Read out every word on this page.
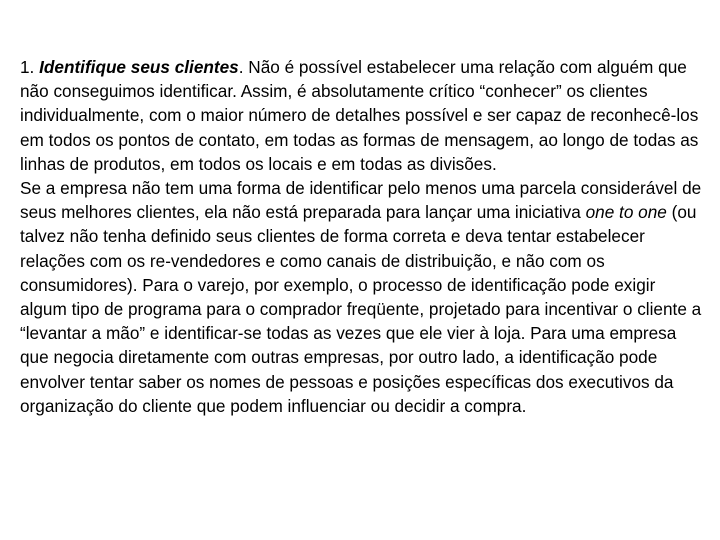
1. Identifique seus clientes. Não é possível estabelecer uma relação com alguém que não conseguimos identificar. Assim, é absolutamente crítico “conhecer” os clientes individualmente, com o maior número de detalhes possível e ser capaz de reconhecê-los em todos os pontos de contato, em todas as formas de mensagem, ao longo de todas as linhas de produtos, em todos os locais e em todas as divisões.

Se a empresa não tem uma forma de identificar pelo menos uma parcela considerável de seus melhores clientes, ela não está preparada para lançar uma iniciativa one to one (ou talvez não tenha definido seus clientes de forma correta e deva tentar estabelecer relações com os re-vendedores e como canais de distribuição, e não com os consumidores). Para o varejo, por exemplo, o processo de identificação pode exigir algum tipo de programa para o comprador freqüente, projetado para incentivar o cliente a “levantar a mão” e identificar-se todas as vezes que ele vier à loja. Para uma empresa que negocia diretamente com outras empresas, por outro lado, a identificação pode envolver tentar saber os nomes de pessoas e posições específicas dos executivos da organização do cliente que podem influenciar ou decidir a compra.
